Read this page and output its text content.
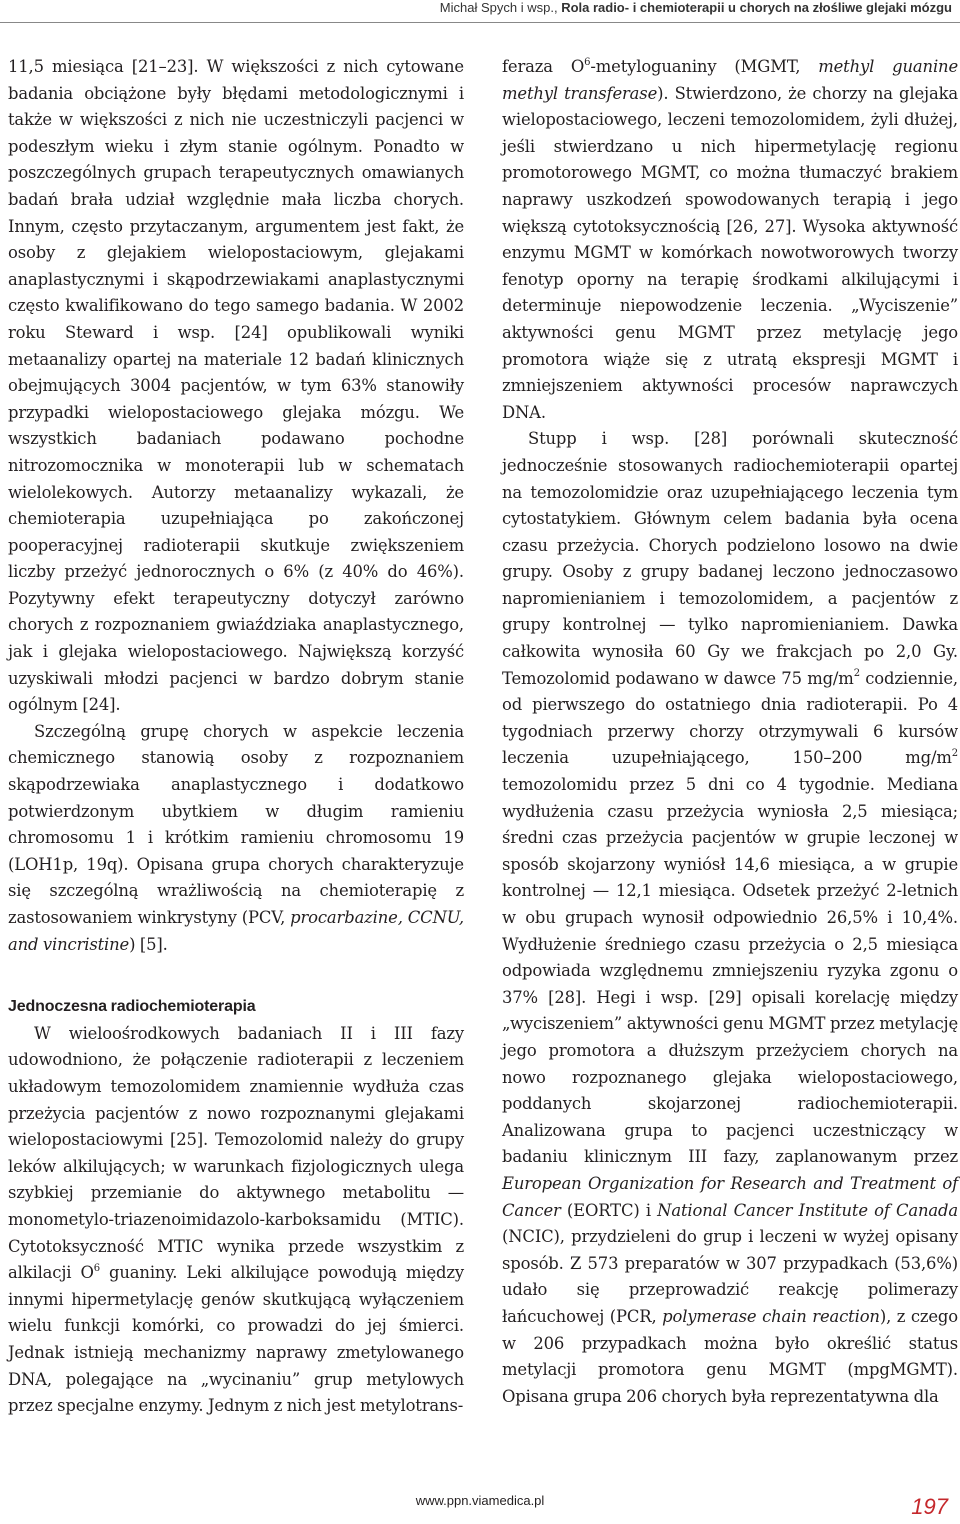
Michał Spych i wsp., Rola radio- i chemioterapii u chorych na złośliwe glejaki mózgu

11,5 miesiąca [21–23]. W większości z nich cytowane badania obciążone były błędami metodologicznymi i także w większości z nich nie uczestniczyli pacjenci w podeszłym wieku i złym stanie ogólnym. Ponadto w poszczególnych grupach terapeutycznych omawianych badań brała udział względnie mała liczba chorych. Innym, często przytaczanym, argumentem jest fakt, że osoby z glejakiem wielopostaciowym, glejakami anaplastycznymi i skąpodrzewiakami anaplastycznymi często kwalifikowano do tego samego badania. W 2002 roku Steward i wsp. [24] opublikowali wyniki metaanalizy opartej na materiale 12 badań klinicznych obejmujących 3004 pacjentów, w tym 63% stanowiły przypadki wielopostaciowego glejaka mózgu. We wszystkich badaniach podawano pochodne nitrozomocznika w monoterapii lub w schematach wielolekowych. Autorzy metaanalizy wykazali, że chemioterapia uzupełniająca po zakończonej pooperacyjnej radioterapii skutkuje zwiększeniem liczby przeżyć jednorocznych o 6% (z 40% do 46%). Pozytywny efekt terapeutyczny dotyczył zarówno chorych z rozpoznaniem gwiaździaka anaplastycznego, jak i glejaka wielopostaciowego. Największą korzyść uzyskiwali młodzi pacjenci w bardzo dobrym stanie ogólnym [24].

Szczególną grupę chorych w aspekcie leczenia chemicznego stanowią osoby z rozpoznaniem skąpodrzewiaka anaplastycznego i dodatkowo potwierdzonym ubytkiem w długim ramieniu chromosomu 1 i krótkim ramieniu chromosomu 19 (LOH1p, 19q). Opisana grupa chorych charakteryzuje się szczególną wrażliwością na chemioterapię z zastosowaniem winkrystyny (PCV, procarbazine, CCNU, and vincristine) [5].

Jednoczesna radiochemioterapia

W wieloośrodkowych badaniach II i III fazy udowodniono, że połączenie radioterapii z leczeniem układowym temozolomidem znamiennie wydłuża czas przeżycia pacjentów z nowo rozpoznanymi glejakami wielopostaciowymi [25]. Temozolomid należy do grupy leków alkilujących; w warunkach fizjologicznych ulega szybkiej przemianie do aktywnego metabolitu — monometylo-triazenoimidazolo-karboksamidu (MTIC). Cytotoksyczność MTIC wynika przede wszystkim z alkilacji $O^6$ guaniny. Leki alkilujące powodują między innymi hipermetylację genów skutkującą wyłączeniem wielu funkcji komórki, co prowadzi do jej śmierci. Jednak istnieją mechanizmy naprawy zmetylowanego DNA, polegające na „wycinaniu” grup metylowych przez specjalne enzymy. Jednym z nich jest metylotrans-

feraza $O^6$-metyloguaniny (MGMT, methyl guanine methyl transferase). Stwierdzono, że chorzy na glejaka wielopostaciowego, leczeni temozolomidem, żyli dłużej, jeśli stwierdzano u nich hipermetylację regionu promotorowego MGMT, co można tłumaczyć brakiem naprawy uszkodzeń spowodowanych terapią i jego większą cytotoksycznością [26, 27]. Wysoka aktywność enzymu MGMT w komórkach nowotworowych tworzy fenotyp oporny na terapię środkami alkilującymi i determinuje niepowodzenie leczenia. „Wyciszenie” aktywności genu MGMT przez metylację jego promotora wiąże się z utratą ekspresji MGMT i zmniejszeniem aktywności procesów naprawczych DNA.

Stupp i wsp. [28] porównali skuteczność jednocześnie stosowanych radiochemioterapii opartej na temozolomidzie oraz uzupełniającego leczenia tym cytostatykiem. Głównym celem badania była ocena czasu przeżycia. Chorych podzielono losowo na dwie grupy. Osoby z grupy badanej leczono jednoczasowo napromienianiem i temozolomidem, a pacjentów z grupy kontrolnej — tylko napromienianiem. Dawka całkowita wynosiła 60 Gy we frakcjach po 2,0 Gy. Temozolomid podawano w dawce 75 $mg/m^2$ codziennie, od pierwszego do ostatniego dnia radioterapii. Po 4 tygodniach przerwy chorzy otrzymywali 6 kursów leczenia uzupełniającego, 150–200 $mg/m^2$ temozolomidu przez 5 dni co 4 tygodnie. Mediana wydłużenia czasu przeżycia wyniosła 2,5 miesiąca; średni czas przeżycia pacjentów w grupie leczonej w sposób skojarzony wyniósł 14,6 miesiąca, a w grupie kontrolnej — 12,1 miesiąca. Odsetek przeżyć 2-letnich w obu grupach wynosił odpowiednio 26,5% i 10,4%. Wydłużenie średniego czasu przeżycia o 2,5 miesiąca odpowiada względnemu zmniejszeniu ryzyka zgonu o 37% [28]. Hegi i wsp. [29] opisali korelację między „wyciszeniem” aktywności genu MGMT przez metylację jego promotora a dłuższym przeżyciem chorych na nowo rozpoznanego glejaka wielopostaciowego, poddanych skojarzonej radiochemioterapii. Analizowana grupa to pacjenci uczestniczący w badaniu klinicznym III fazy, zaplanowanym przez European Organization for Research and Treatment of Cancer (EORTC) i National Cancer Institute of Canada (NCIC), przydzieleni do grup i leczeni w wyżej opisany sposób. Z 573 preparatów w 307 przypadkach (53,6%) udało się przeprowadzić reakcję polimerazy łańcuchowej (PCR, polymerase chain reaction), z czego w 206 przypadkach można było określić status metylacji promotora genu MGMT (mpgMGMT). Opisana grupa 206 chorych była reprezentatywna dla

www.ppn.viamedica.pl	197
